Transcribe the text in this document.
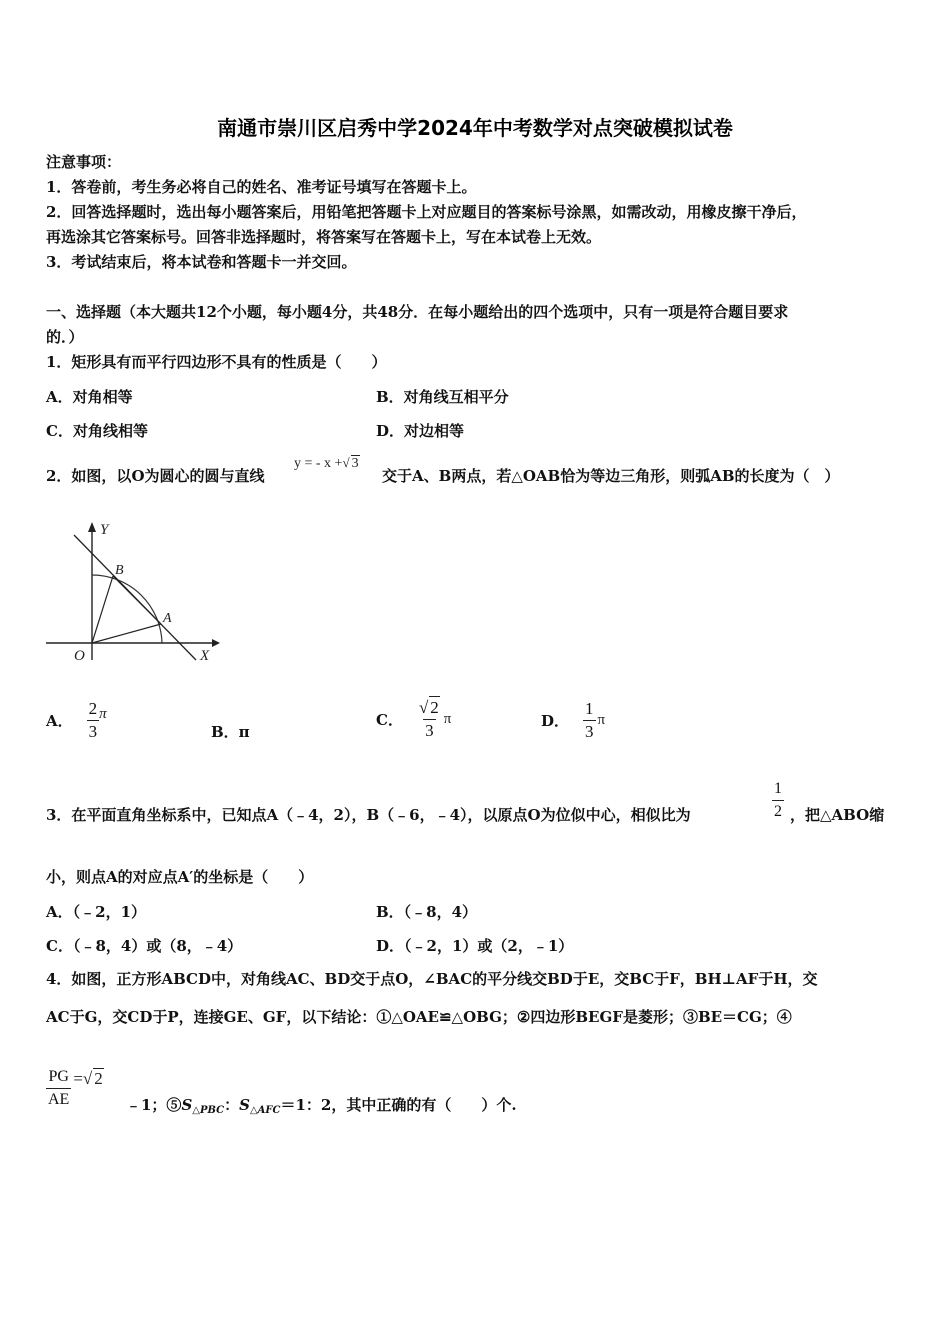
南通市崇川区启秀中学2024年中考数学对点突破模拟试卷
注意事项：
1．答卷前，考生务必将自己的姓名、准考证号填写在答题卡上。
2．回答选择题时，选出每小题答案后，用铅笔把答题卡上对应题目的答案标号涂黑，如需改动，用橡皮擦干净后，
再选涂其它答案标号。回答非选择题时，将答案写在答题卡上，写在本试卷上无效。
3．考试结束后，将本试卷和答题卡一并交回。
一、选择题（本大题共12个小题，每小题4分，共48分．在每小题给出的四个选项中，只有一项是符合题目要求
的．）
1．矩形具有而平行四边形不具有的性质是（　　）
A．对角相等	B．对角线互相平分
C．对角线相等	D．对边相等
2．如图，以O为圆心的圆与直线
y = - x +√ 3
交于A、B两点，若△OAB恰为等边三角形，则弧AB的长度为（　）
Y
X
O
A
B
A． $\frac{2}{3}$ π
B．π
C． $\frac{√ 2}{3}$ π	D． $\frac{1}{3}$ π
3．在平面直角坐标系中，已知点A（﹣4，2），B（﹣6，﹣4），以原点O为位似中心，相似比为	$\frac{1}{2}$ ，把△ABO缩
小，则点A的对应点A′的坐标是（　　）
A．（﹣2，1）	B．（﹣8，4）
C．（﹣8，4）或（8，﹣4）	D．（﹣2，1）或（2，﹣1）
4．如图，正方形ABCD中，对角线AC、BD交于点O，∠BAC的平分线交BD于E，交BC于F，BH⊥AF于H，交
AC于G，交CD于P，连接GE、GF，以下结论：①△OAE≌△OBG；②四边形BEGF是菱形；③BE＝CG；④
$\frac{PG}{AE}$ = √ 2
﹣1；$⑤S_{\triangle PBC}$：$S_{\triangle AFC}=1$：2，其中正确的有（　　）个.
